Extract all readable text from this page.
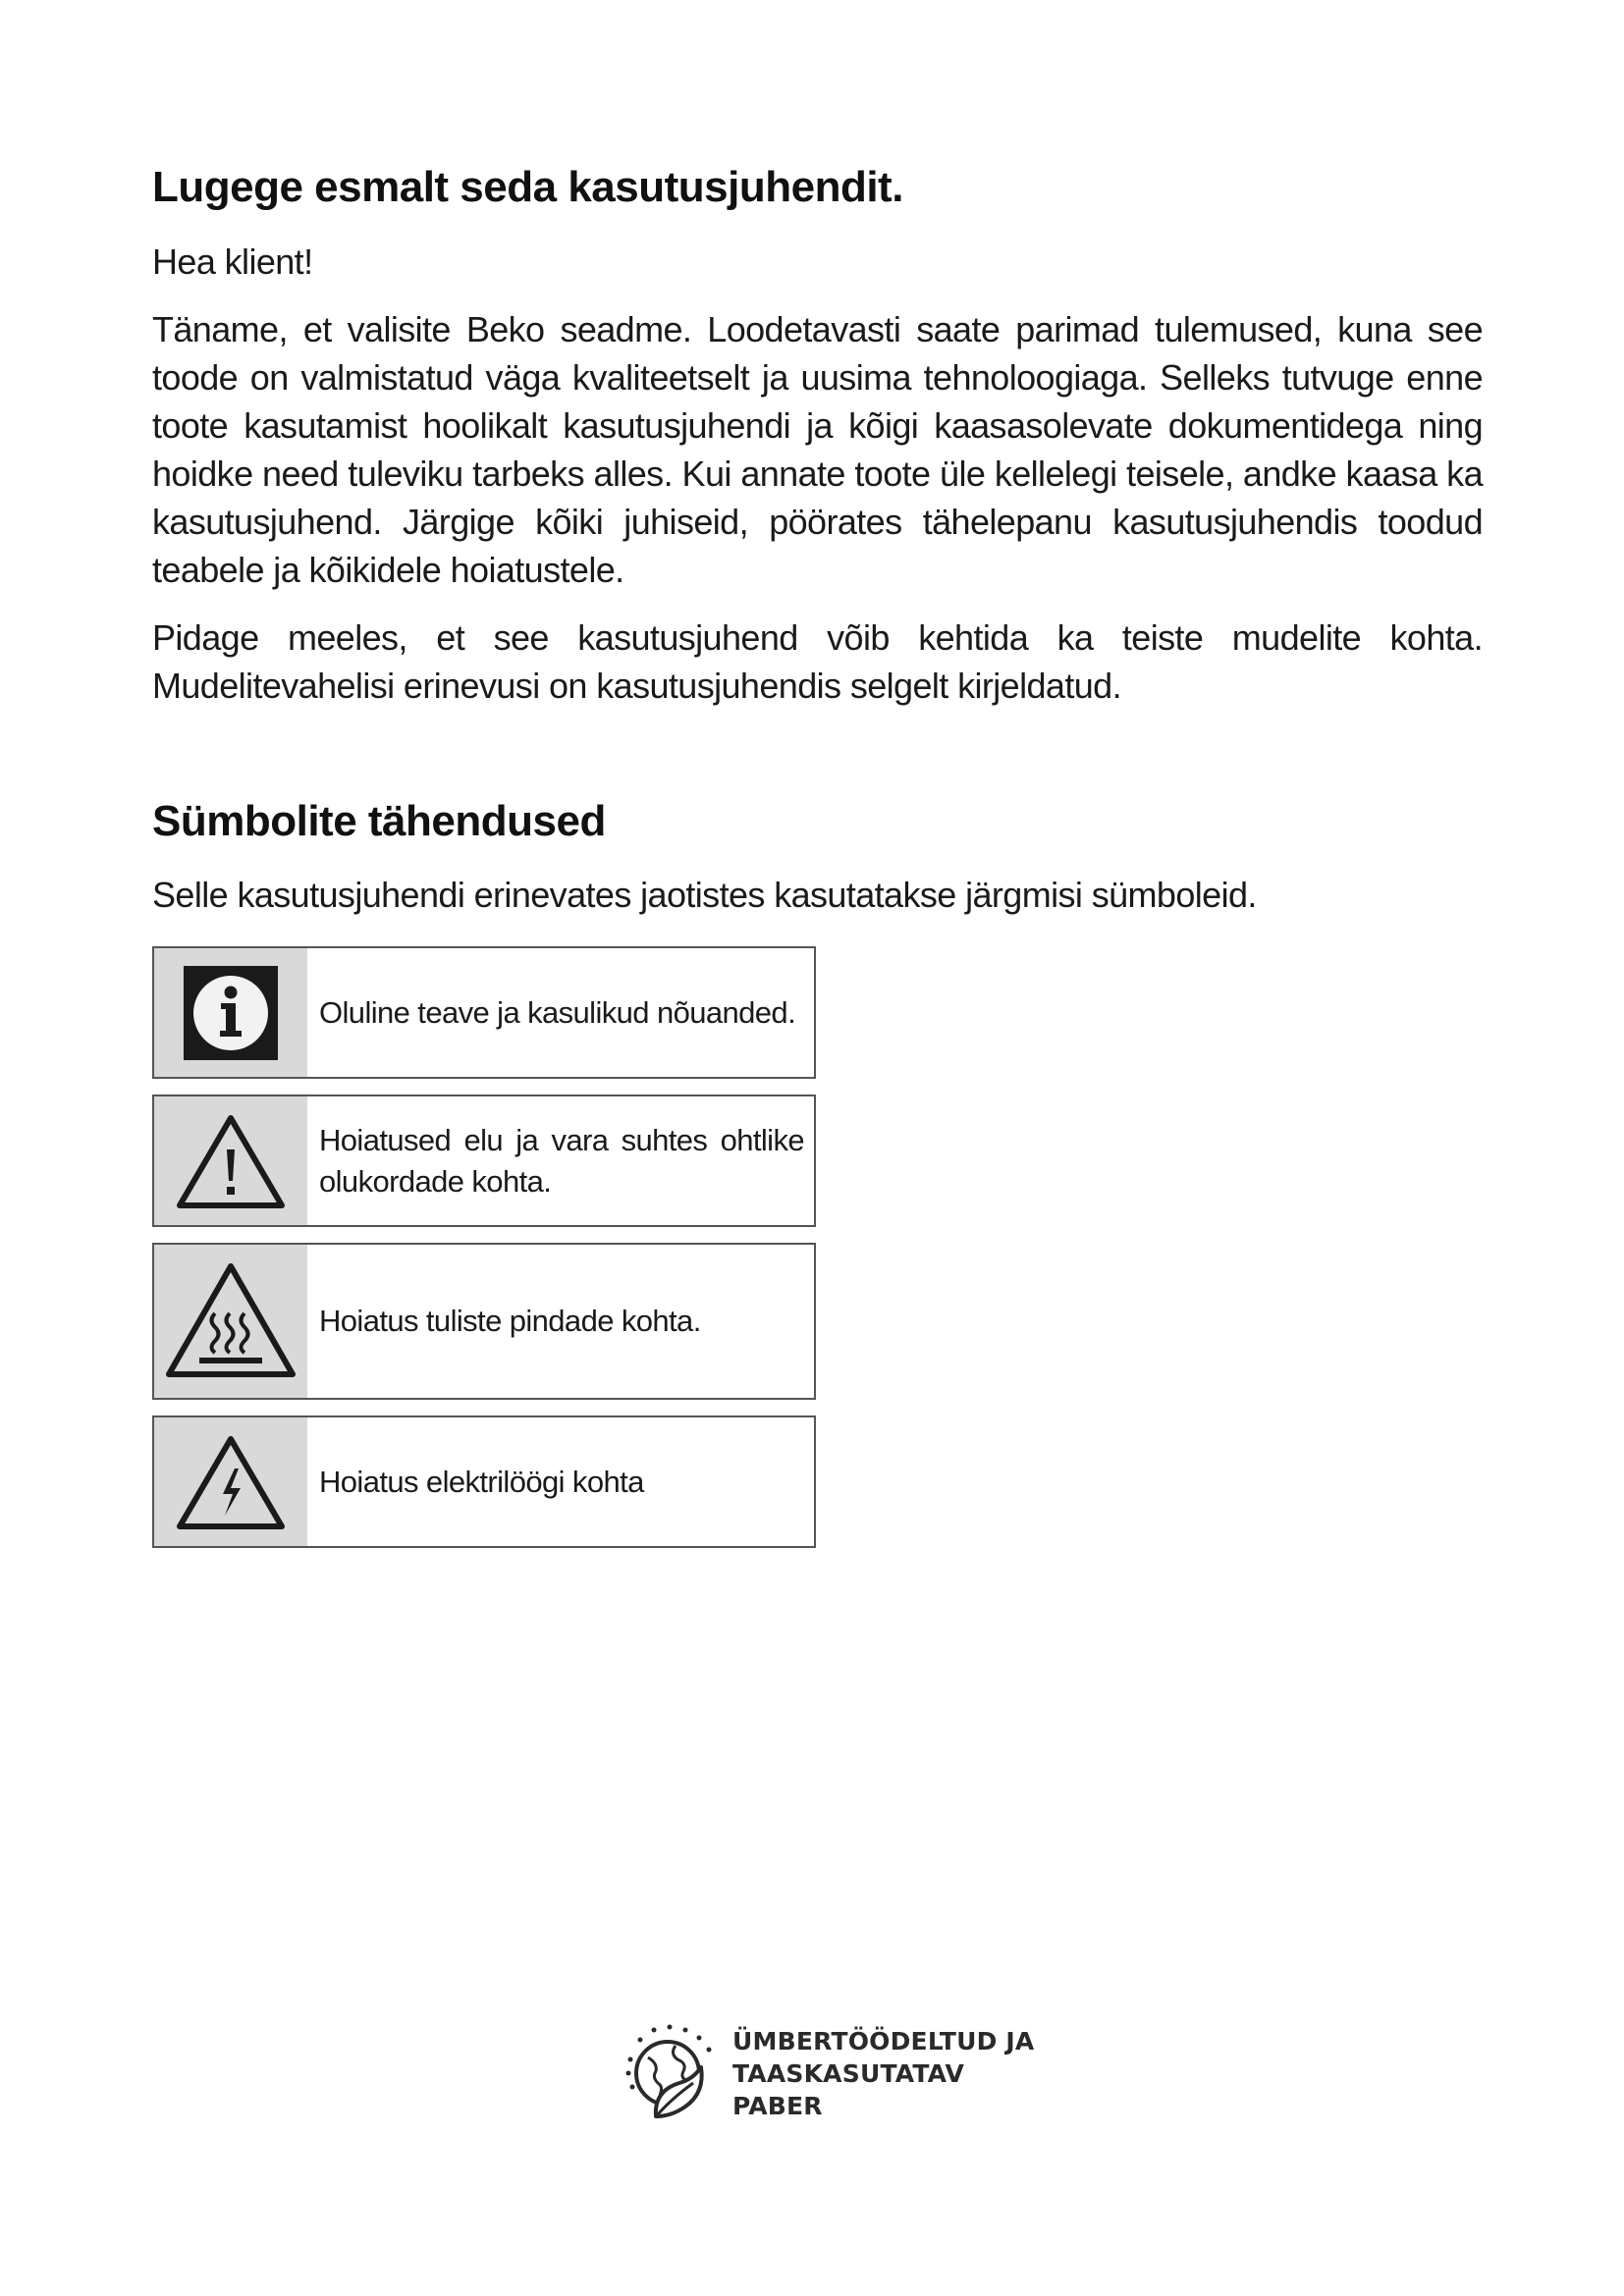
Lugege esmalt seda kasutusjuhendit.
Hea klient!

Täname, et valisite Beko seadme. Loodetavasti saate parimad tulemused, kuna see toode on valmistatud väga kvaliteetselt ja uusima tehnoloogiaga. Selleks tutvuge enne toote kasutamist hoolikalt kasutusjuhendi ja kõigi kaasasolevate dokumentidega ning hoidke need tuleviku tarbeks alles. Kui annate toote üle kellelegi teisele, andke kaasa ka kasutusjuhend. Järgige kõiki juhiseid, pöörates tähelepanu kasutusjuhendis toodud teabele ja kõikidele hoiatustele.

Pidage meeles, et see kasutusjuhend võib kehtida ka teiste mudelite kohta. Mudelitevahelisi erinevusi on kasutusjuhendis selgelt kirjeldatud.

Sümbolite tähendused
Selle kasutusjuhendi erinevates jaotistes kasutatakse järgmisi sümboleid.
Oluline teave ja kasulikud nõuanded.
Hoiatused elu ja vara suhtes ohtlike olukordade kohta.
Hoiatus tuliste pindade kohta.
Hoiatus elektrilöögi kohta
ÜMBERTÖÖDELTUD JA
TAASKASUTATAV
PABER
